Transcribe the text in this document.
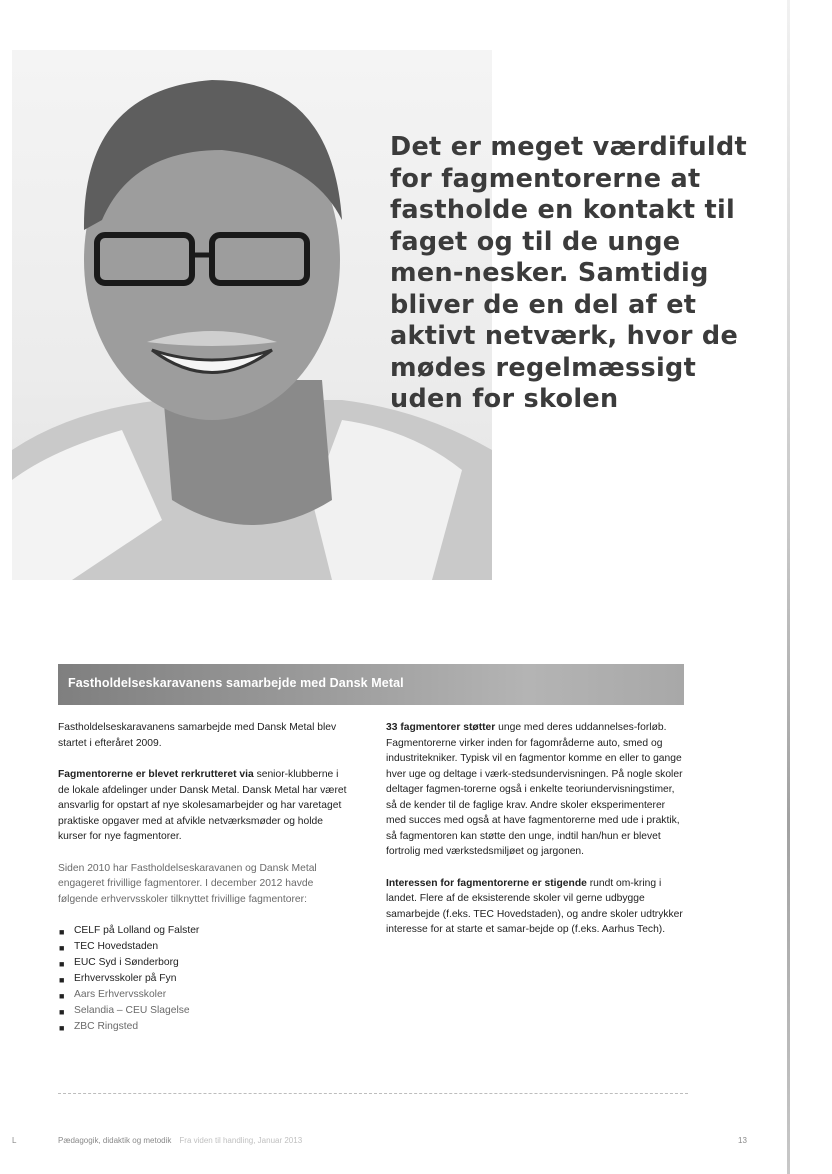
Det er meget værdifuldt for fagmentorerne at fastholde en kontakt til faget og til de unge men-nesker. Samtidig bliver de en del af et aktivt netværk, hvor de mødes regelmæssigt uden for skolen

Fastholdelseskaravanens samarbejde med Dansk Metal

Fastholdelseskaravanens samarbejde med Dansk Metal blev startet i efteråret 2009.

Fagmentorerne er blevet rerkrutteret via senior-klubberne i de lokale afdelinger under Dansk Metal. Dansk Metal har været ansvarlig for opstart af nye skolesamarbejder og har varetaget praktiske opgaver med at afvikle netværksmøder og holde kurser for nye fagmentorer.

Siden 2010 har Fastholdelseskaravanen og Dansk Metal engageret frivillige fagmentorer. I december 2012 havde følgende erhvervsskoler tilknyttet frivillige fagmentorer:

■ CELF på Lolland og Falster
■ TEC Hovedstaden
■ EUC Syd i Sønderborg
■ Erhvervsskoler på Fyn
■ Aars Erhvervsskoler
■ Selandia – CEU Slagelse
■ ZBC Ringsted

33 fagmentorer støtter unge med deres uddannelses-forløb. Fagmentorerne virker inden for fagområderne auto, smed og industritekniker. Typisk vil en fagmentor komme en eller to gange hver uge og deltage i værk-stedsundervisningen. På nogle skoler deltager fagmen-torerne også i enkelte teoriundervisningstimer, så de kender til de faglige krav. Andre skoler eksperimenterer med succes med også at have fagmentorerne med ude i praktik, så fagmentoren kan støtte den unge, indtil han/hun er blevet fortrolig med værkstedsmiljøet og jargonen.

Interessen for fagmentorerne er stigende rundt om-kring i landet. Flere af de eksisterende skoler vil gerne udbygge samarbejde (f.eks. TEC Hovedstaden), og andre skoler udtrykker interesse for at starte et samar-bejde op (f.eks. Aarhus Tech).

L	Pædagogik, didaktik og metodik Fra viden til handling, Januar 2013	13
